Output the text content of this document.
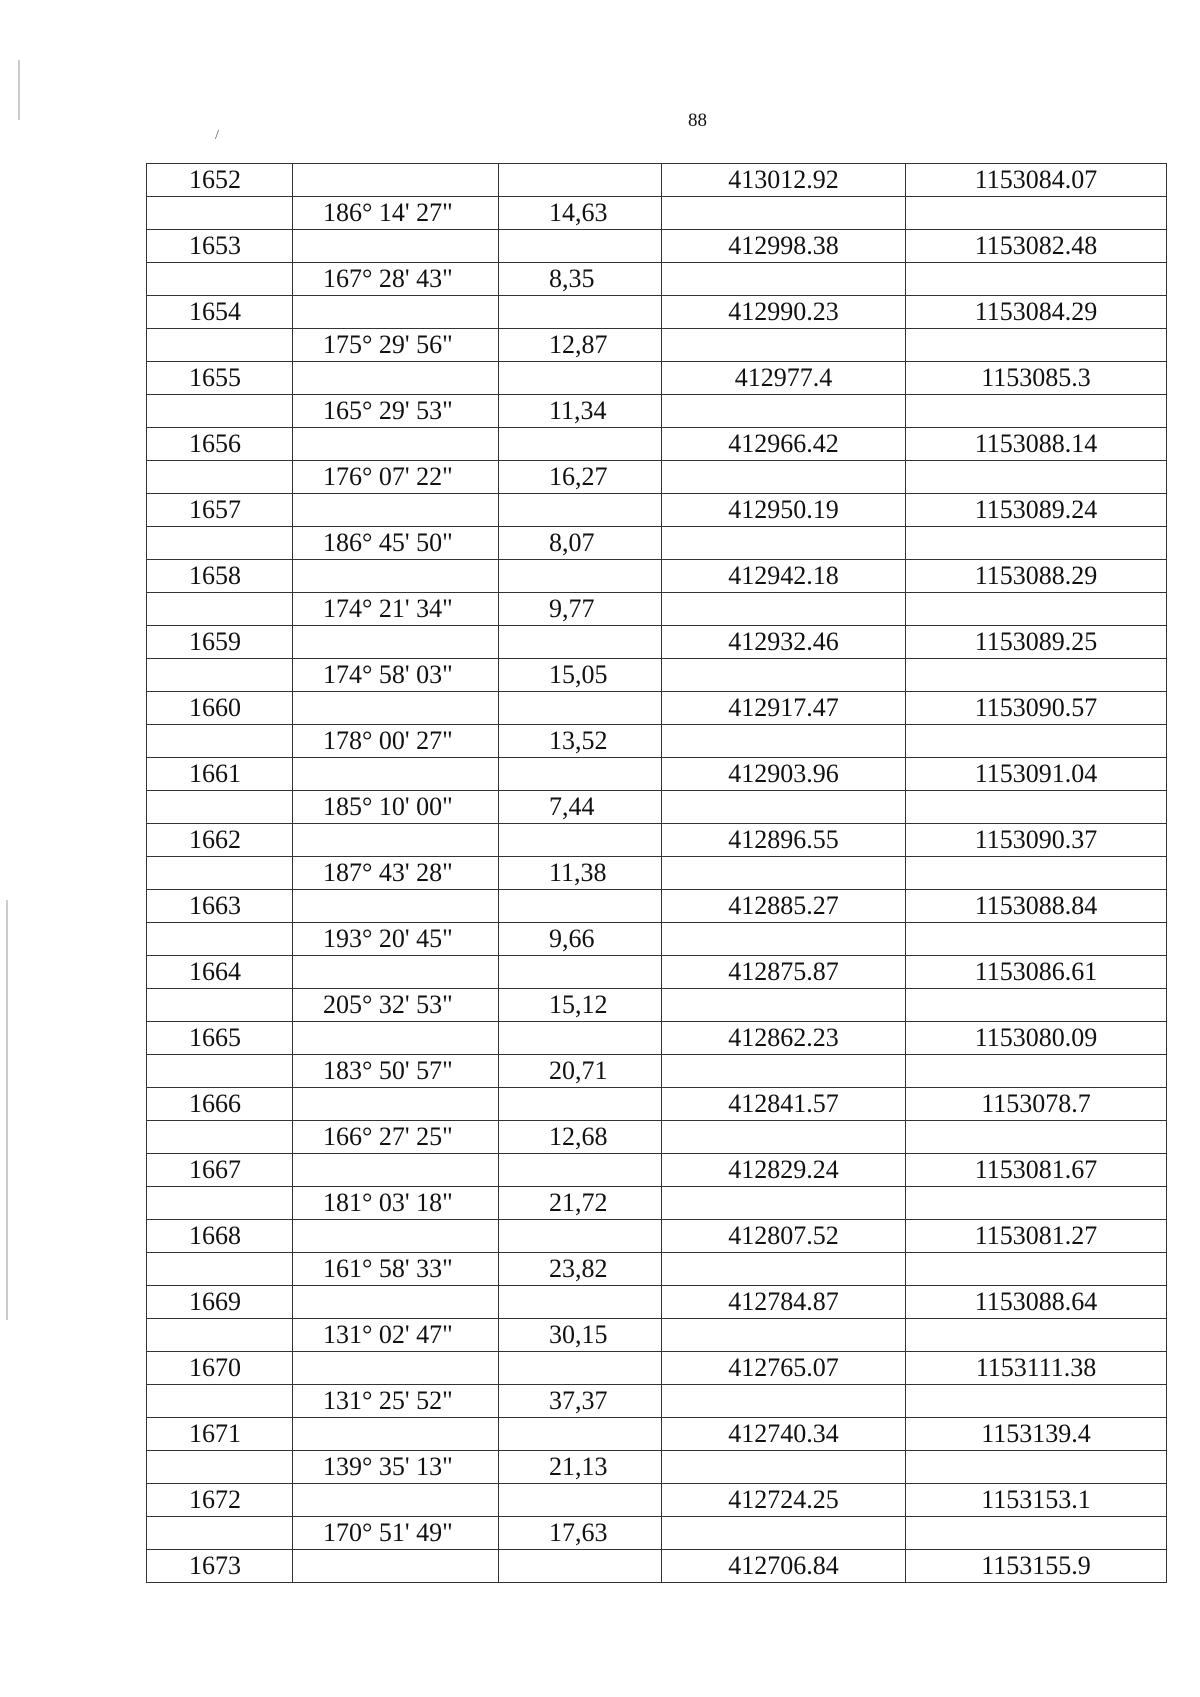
88
/
1652			413012.92	1153084.07
	186° 14' 27"	14,63		
1653			412998.38	1153082.48
	167° 28' 43"	8,35		
1654			412990.23	1153084.29
	175° 29' 56"	12,87		
1655			412977.4	1153085.3
	165° 29' 53"	11,34		
1656			412966.42	1153088.14
	176° 07' 22"	16,27		
1657			412950.19	1153089.24
	186° 45' 50"	8,07		
1658			412942.18	1153088.29
	174° 21' 34"	9,77		
1659			412932.46	1153089.25
	174° 58' 03"	15,05		
1660			412917.47	1153090.57
	178° 00' 27"	13,52		
1661			412903.96	1153091.04
	185° 10' 00"	7,44		
1662			412896.55	1153090.37
	187° 43' 28"	11,38		
1663			412885.27	1153088.84
	193° 20' 45"	9,66		
1664			412875.87	1153086.61
	205° 32' 53"	15,12		
1665			412862.23	1153080.09
	183° 50' 57"	20,71		
1666			412841.57	1153078.7
	166° 27' 25"	12,68		
1667			412829.24	1153081.67
	181° 03' 18"	21,72		
1668			412807.52	1153081.27
	161° 58' 33"	23,82		
1669			412784.87	1153088.64
	131° 02' 47"	30,15		
1670			412765.07	1153111.38
	131° 25' 52"	37,37		
1671			412740.34	1153139.4
	139° 35' 13"	21,13		
1672			412724.25	1153153.1
	170° 51' 49"	17,63		
1673			412706.84	1153155.9
